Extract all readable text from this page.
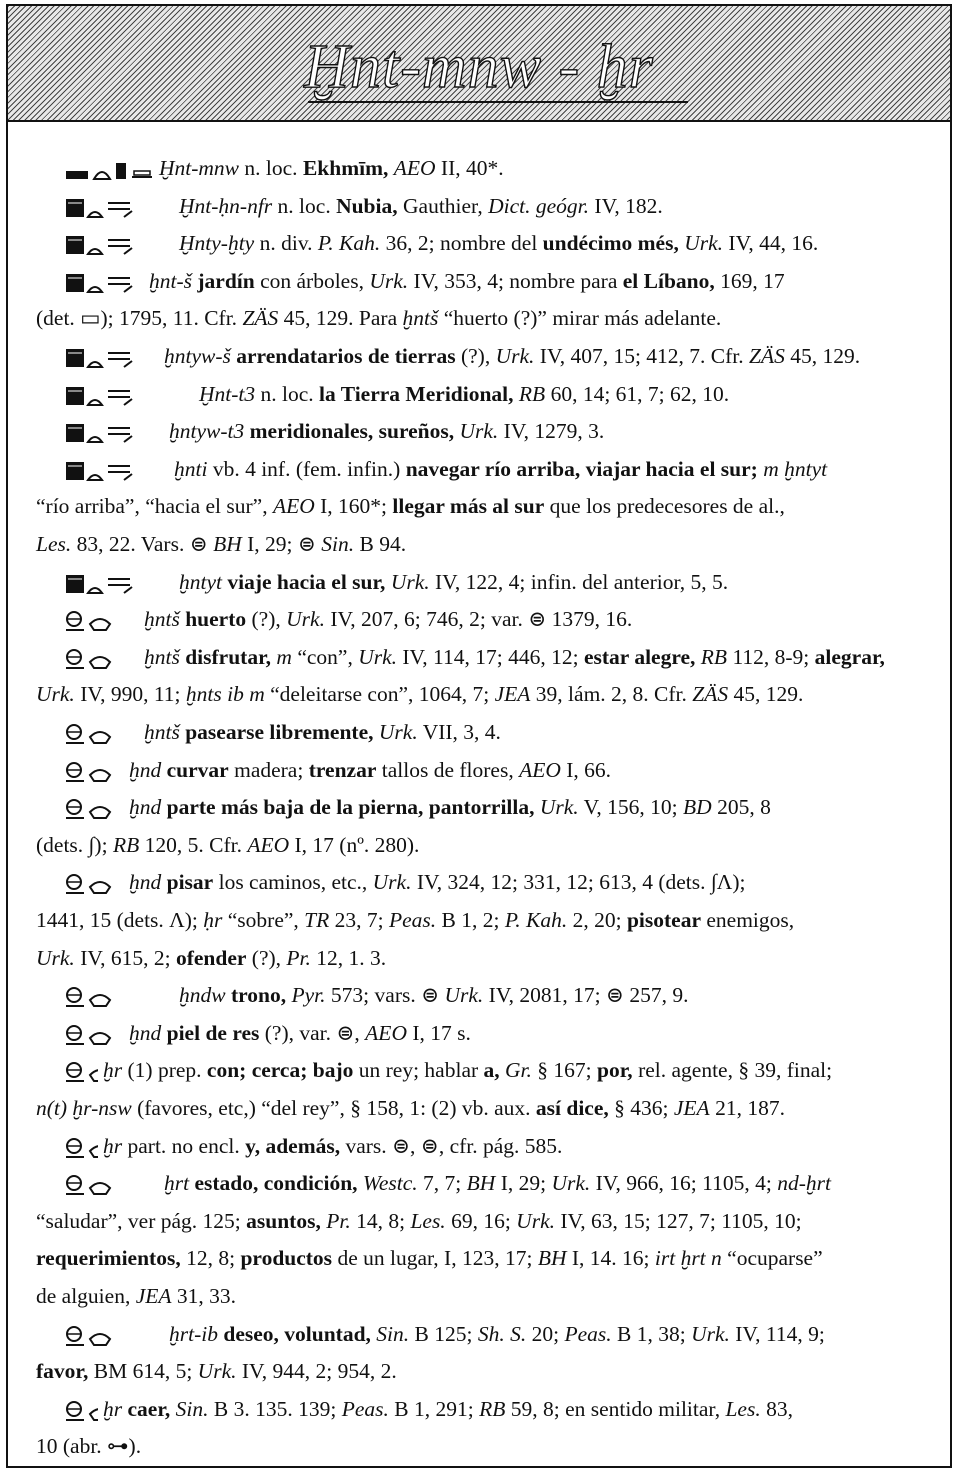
Ḫnt-mnw - ḫr
Ḫnt-mnw n. loc. Ekhmīm, AEO II, 40*.
Ḫnt-ḥn-nfr n. loc. Nubia, Gauthier, Dict. geógr. IV, 182.
Ḫnty-ḫty n. div. P. Kah. 36, 2; nombre del undécimo més, Urk. IV, 44, 16.
ḫnt-š jardín con árboles, Urk. IV, 353, 4; nombre para el Líbano, 169, 17
(det. ▭); 1795, 11. Cfr. ZÄS 45, 129. Para ḫntš “huerto (?)” mirar más adelante.
ḫntyw-š arrendatarios de tierras (?), Urk. IV, 407, 15; 412, 7. Cfr. ZÄS 45, 129.
Ḫnt-t3 n. loc. la Tierra Meridional, RB 60, 14; 61, 7; 62, 10.
ḫntyw-t3 meridionales, sureños, Urk. IV, 1279, 3.
ḫnti vb. 4 inf. (fem. infin.) navegar río arriba, viajar hacia el sur; m ḫntyt
“río arriba”, “hacia el sur”, AEO I, 160*; llegar más al sur que los predecesores de al.,
Les. 83, 22. Vars. ⊜ BH I, 29; ⊜ Sin. B 94.
ḫntyt viaje hacia el sur, Urk. IV, 122, 4; infin. del anterior, 5, 5.
ḫntš huerto (?), Urk. IV, 207, 6; 746, 2; var. ⊜ 1379, 16.
ḫntš disfrutar, m “con”, Urk. IV, 114, 17; 446, 12; estar alegre, RB 112, 8-9; alegrar,
Urk. IV, 990, 11; ḫnts ib m “deleitarse con”, 1064, 7; JEA 39, lám. 2, 8. Cfr. ZÄS 45, 129.
ḫntš pasearse libremente, Urk. VII, 3, 4.
ḫnd curvar madera; trenzar tallos de flores, AEO I, 66.
ḫnd parte más baja de la pierna, pantorrilla, Urk. V, 156, 10; BD 205, 8
(dets. ∫); RB 120, 5. Cfr. AEO I, 17 (nº. 280).
ḫnd pisar los caminos, etc., Urk. IV, 324, 12; 331, 12; 613, 4 (dets. ∫Λ);
1441, 15 (dets. Λ); ḥr “sobre”, TR 23, 7; Peas. B 1, 2; P. Kah. 2, 20; pisotear enemigos,
Urk. IV, 615, 2; ofender (?), Pr. 12, 1. 3.
ḫndw trono, Pyr. 573; vars. ⊜ Urk. IV, 2081, 17; ⊜ 257, 9.
ḫnd piel de res (?), var. ⊜, AEO I, 17 s.
ḫr (1) prep. con; cerca; bajo un rey; hablar a, Gr. § 167; por, rel. agente, § 39, final;
n(t) ḫr-nsw (favores, etc,) “del rey”, § 158, 1: (2) vb. aux. así dice, § 436; JEA 21, 187.
ḫr part. no encl. y, además, vars. ⊜, ⊜, cfr. pág. 585.
ḫrt estado, condición, Westc. 7, 7; BH I, 29; Urk. IV, 966, 16; 1105, 4; nd-ḫrt
“saludar”, ver pág. 125; asuntos, Pr. 14, 8; Les. 69, 16; Urk. IV, 63, 15; 127, 7; 1105, 10;
requerimientos, 12, 8; productos de un lugar, I, 123, 17; BH I, 14. 16; irt ḫrt n “ocuparse”
de alguien, JEA 31, 33.
ḫrt-ib deseo, voluntad, Sin. B 125; Sh. S. 20; Peas. B 1, 38; Urk. IV, 114, 9;
favor, BM 614, 5; Urk. IV, 944, 2; 954, 2.
ḫr caer, Sin. B 3. 135. 139; Peas. B 1, 291; RB 59, 8; en sentido militar, Les. 83,
10 (abr. ⊶).
